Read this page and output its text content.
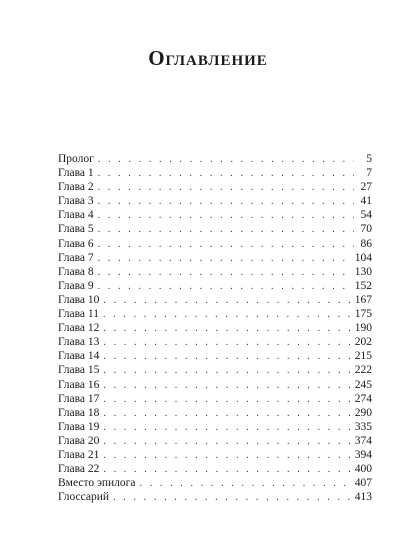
Оглавление
Пролог . . .	5
Глава 1 . . .	7
Глава 2 . . .	27
Глава 3 . . .	41
Глава 4 . . .	54
Глава 5 . . .	70
Глава 6 . . .	86
Глава 7 . . .	104
Глава 8 . . .	130
Глава 9 . . .	152
Глава 10 . . .	167
Глава 11 . . .	175
Глава 12 . . .	190
Глава 13 . . .	202
Глава 14 . . .	215
Глава 15 . . .	222
Глава 16 . . .	245
Глава 17 . . .	274
Глава 18 . . .	290
Глава 19 . . .	335
Глава 20 . . .	374
Глава 21 . . .	394
Глава 22 . . .	400
Вместо эпилога . . .	407
Глоссарий . . .	413
